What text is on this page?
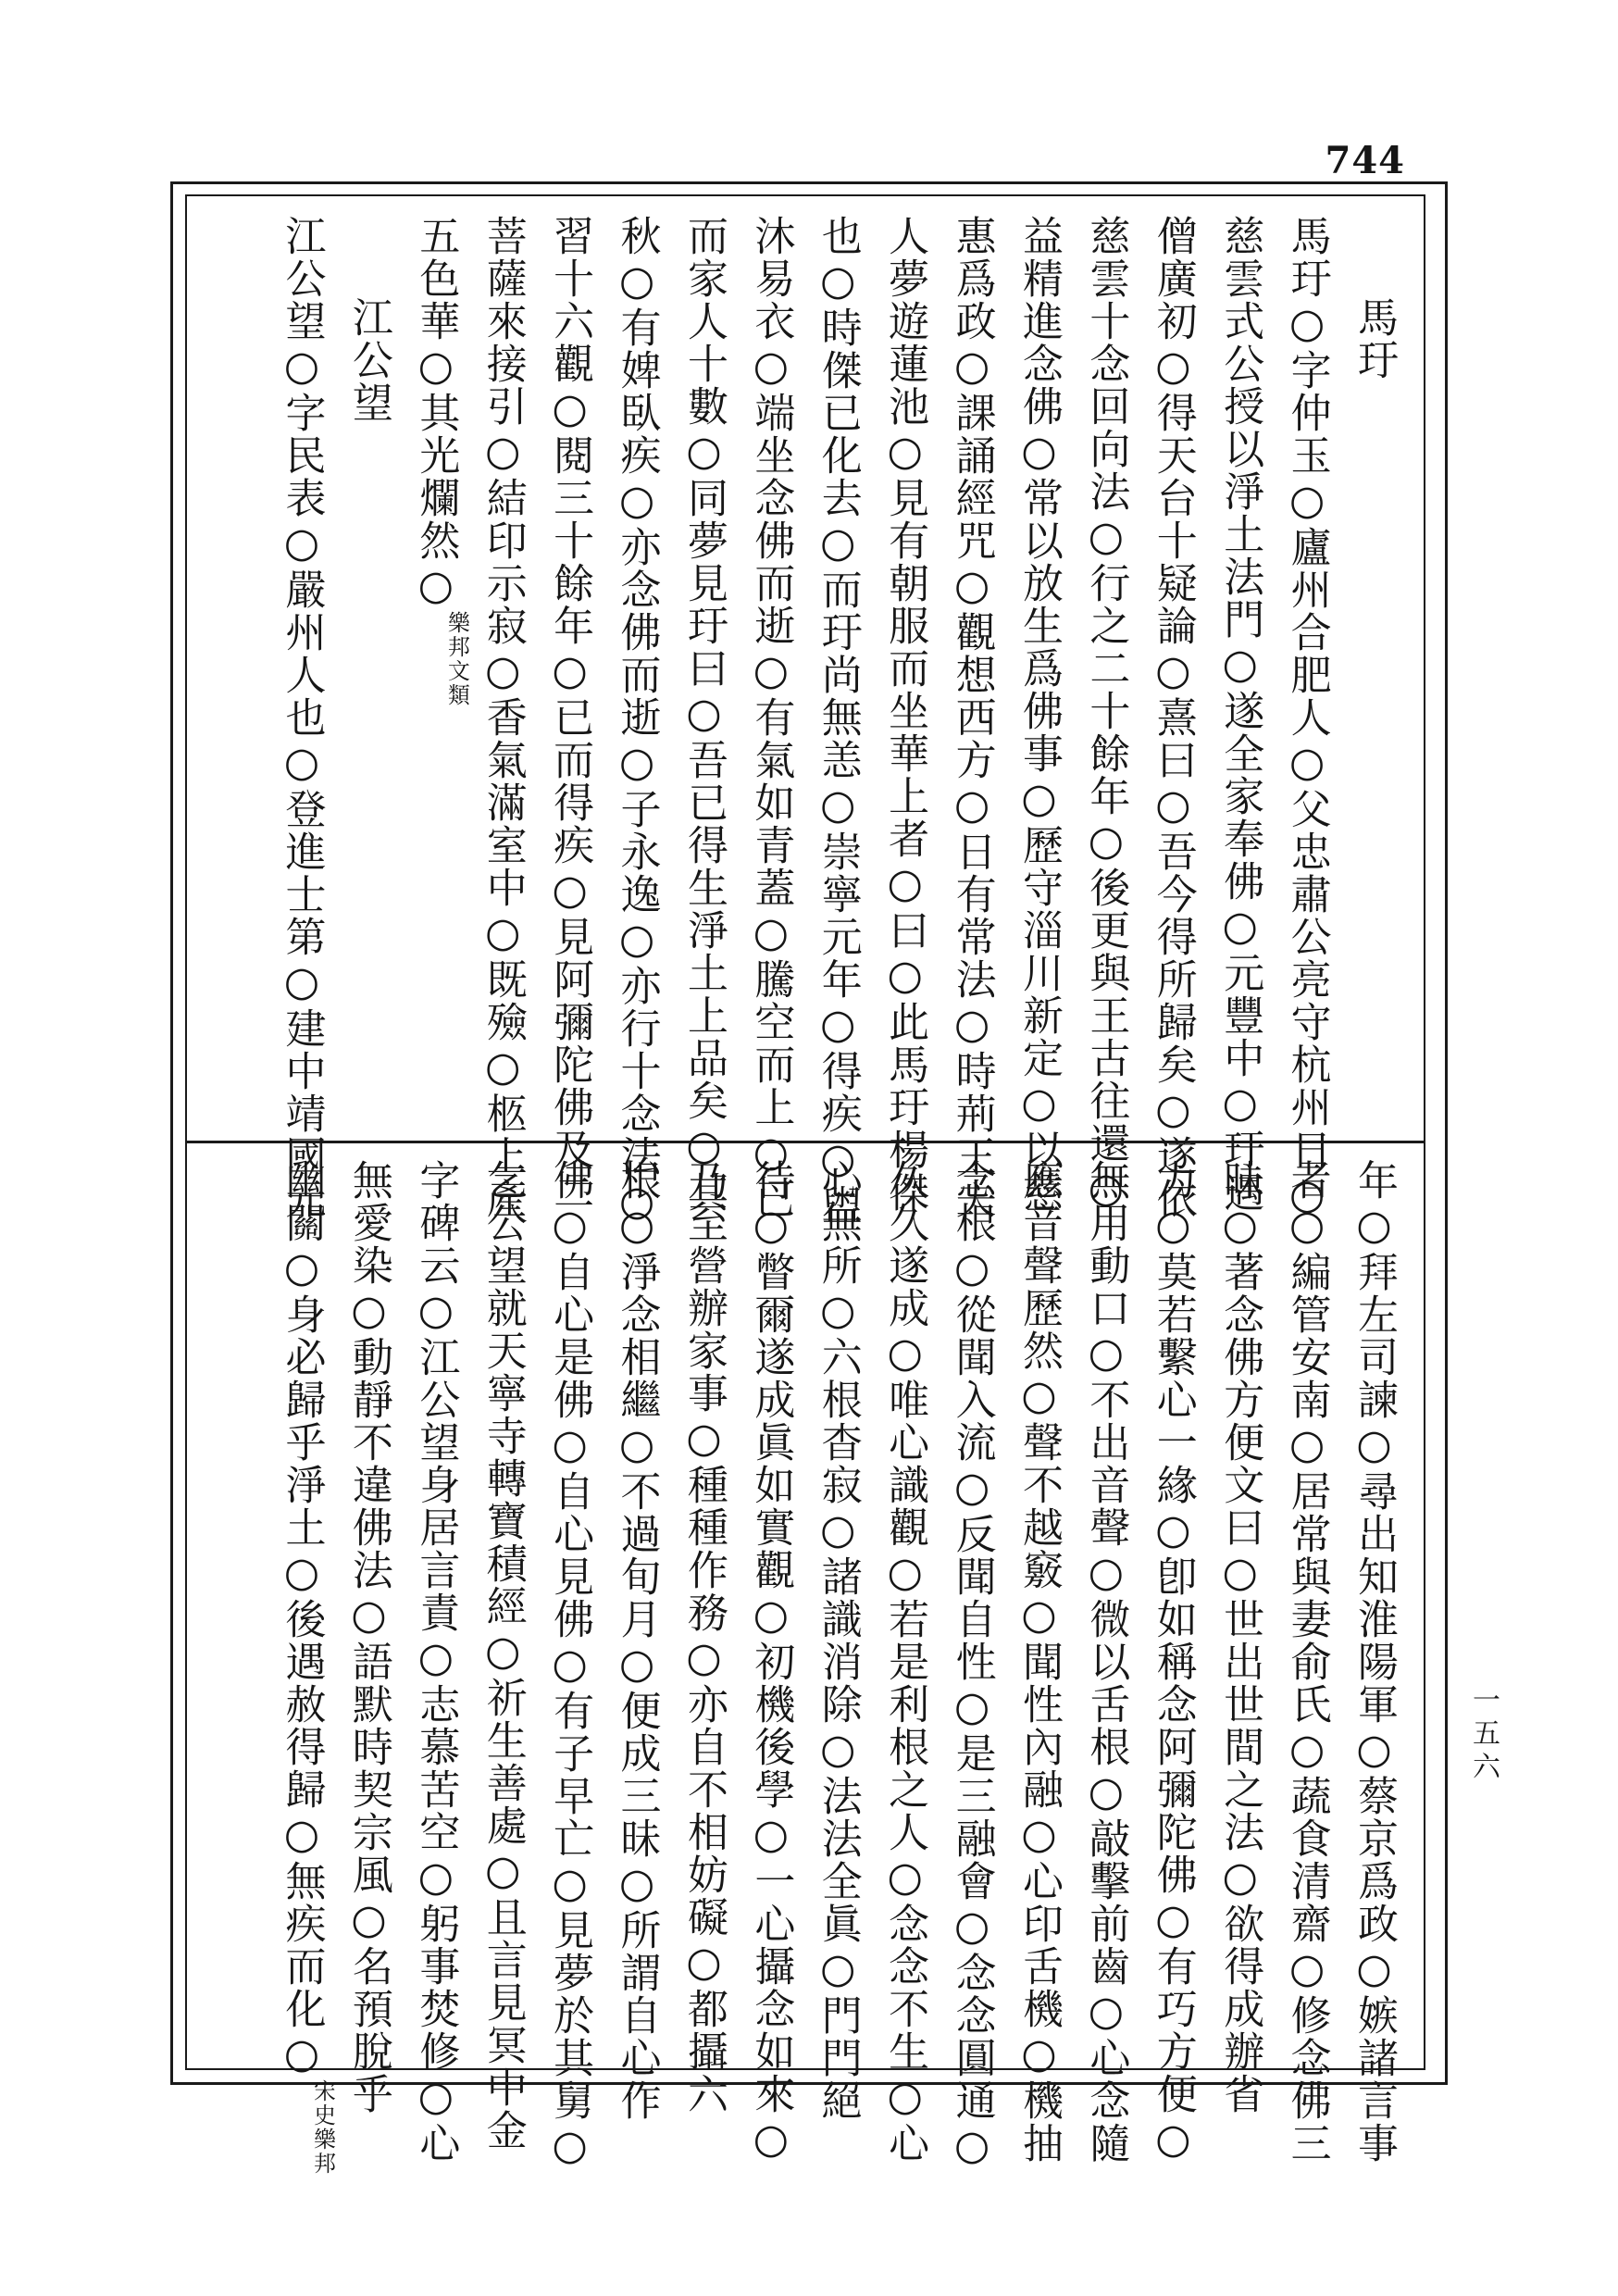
744
一五六
馬玗
馬玗○字仲玉○廬州合肥人○父忠肅公亮守杭州日○
慈雲式公授以淨土法門○遂全家奉佛○元豐中○玗遇
僧廣初○得天台十疑論○熹曰○吾今得所歸矣○遂依
慈雲十念回向法○行之二十餘年○後更與王古往還○
益精進念佛○常以放生爲佛事○歷守淄川新定○以慈
惠爲政○課誦經咒○觀想西方○日有常法○時荊王夫
人夢遊蓮池○見有朝服而坐華上者○曰○此馬玗楊傑
也○時傑已化去○而玗尚無恙○崇寧元年○得疾○盥
沐易衣○端坐念佛而逝○有氣如青蓋○騰空而上○已
而家人十數○同夢見玗曰○吾已得生淨土上品矣○其
秋○有婢臥疾○亦念佛而逝○子永逸○亦行十念法○
習十六觀○閱三十餘年○已而得疾○見阿彌陀佛及二
菩薩來接引○結印示寂○香氣滿室中○既殮○柩上產
五色華○其光爛然○樂邦文類
江公望
江公望○字民表○嚴州人也○登進士第○建中靖國元
年○拜左司諫○尋出知淮陽軍○蔡京爲政○嫉諸言事
者○編管安南○居常與妻俞氏○蔬食清齋○修念佛三
昧○著念佛方便文曰○世出世間之法○欲得成辦省
力○莫若繫心一緣○卽如稱念阿彌陀佛○有巧方便○
無用動口○不出音聲○微以舌根○敲擊前齒○心念隨
應音聲歷然○聲不越竅○聞性內融○心印舌機○機抽
念根○從聞入流○反聞自性○是三融會○念念圓通○
久久遂成○唯心識觀○若是利根之人○念念不生○心
心無所○六根杳寂○諸識消除○法法全眞○門門絕
待○瞥爾遂成眞如實觀○初機後學○一心攝念如來○
乃至營辦家事○種種作務○亦自不相妨礙○都攝六
根○淨念相繼○不過旬月○便成三昧○所謂自心作
佛○自心是佛○自心見佛○有子早亡○見夢於其舅○
乞公望就天寧寺轉寶積經○祈生善處○且言見冥中金
字碑云○江公望身居言責○志慕苦空○躬事焚修○心
無愛染○動靜不違佛法○語默時契宗風○名預脫乎
幽關○身必歸乎淨土○後遇赦得歸○無疾而化○宋史樂邦
